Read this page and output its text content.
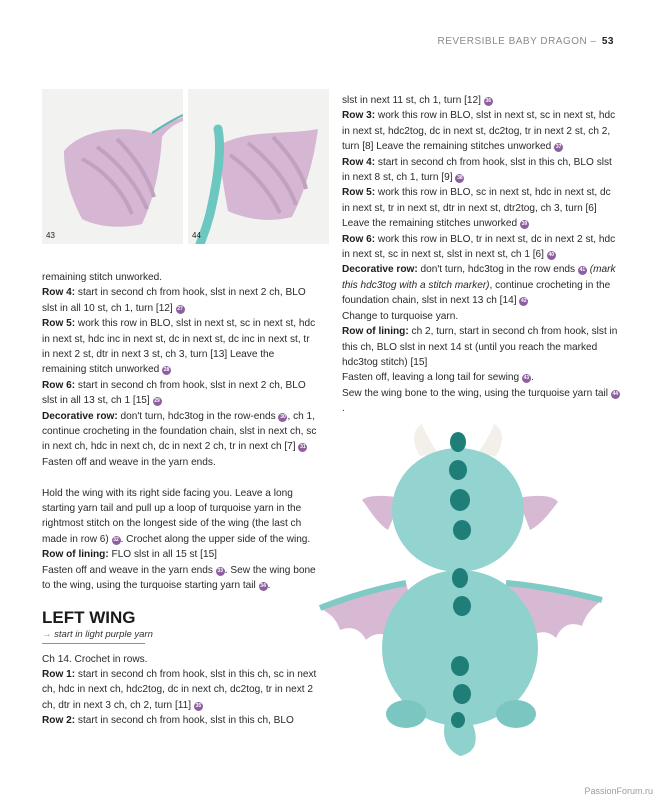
REVERSIBLE BABY DRAGON – 53
43	44

remaining stitch unworked.

Row 4: start in second ch from hook, slst in next 2 ch, BLO slst in all 10 st, ch 1, turn [12] 27

Row 5: work this row in BLO, slst in next st, sc in next st, hdc in next st, hdc inc in next st, dc in next st, dc inc in next st, tr in next 2 st, dtr in next 3 st, ch 3, turn [13] Leave the remaining stitch unworked 28

Row 6: start in second ch from hook, slst in next 2 ch, BLO slst in all 13 st, ch 1 [15] 29

Decorative row: don't turn, hdc3tog in the row-ends 30 , ch 1, continue crocheting in the foundation chain, slst in next ch, sc in next ch, hdc in next ch, dc in next 2 ch, tr in next ch [7] 31

Fasten off and weave in the yarn ends.

Hold the wing with its right side facing you. Leave a long starting yarn tail and pull up a loop of turquoise yarn in the rightmost stitch on the longest side of the wing (the last ch made in row 6) 32 . Crochet along the upper side of the wing.

Row of lining: FLO slst in all 15 st [15]

Fasten off and weave in the yarn ends 33 . Sew the wing bone to the wing, using the turquoise starting yarn tail 34 .

LEFT WING

→ start in light purple yarn

Ch 14. Crochet in rows.

Row 1: start in second ch from hook, slst in this ch, sc in next ch, hdc in next ch, hdc2tog, dc in next ch, dc2tog, tr in next 2 ch, dtr in next 3 ch, ch 2, turn [11] 35

Row 2: start in second ch from hook, slst in this ch, BLO

slst in next 11 st, ch 1, turn [12] 36

Row 3: work this row in BLO, slst in next st, sc in next st, hdc in next st, hdc2tog, dc in next st, dc2tog, tr in next 2 st, ch 2, turn [8] Leave the remaining stitches unworked 37

Row 4: start in second ch from hook, slst in this ch, BLO slst in next 8 st, ch 1, turn [9] 38

Row 5: work this row in BLO, sc in next st, hdc in next st, dc in next st, tr in next st, dtr in next st, dtr2tog, ch 3, turn [6] Leave the remaining stitches unworked 39

Row 6: work this row in BLO, tr in next st, dc in next 2 st, hdc in next st, sc in next st, slst in next st, ch 1 [6] 40

Decorative row: don't turn, hdc3tog in the row ends 41 (mark this hdc3tog with a stitch marker), continue crocheting in the foundation chain, slst in next 13 ch [14] 42

Change to turquoise yarn.

Row of lining: ch 2, turn, start in second ch from hook, slst in this ch, BLO slst in next 14 st (until you reach the marked hdc3tog stitch) [15]

Fasten off, leaving a long tail for sewing 43 .

Sew the wing bone to the wing, using the turquoise yarn tail 44.

PassionForum.ru
